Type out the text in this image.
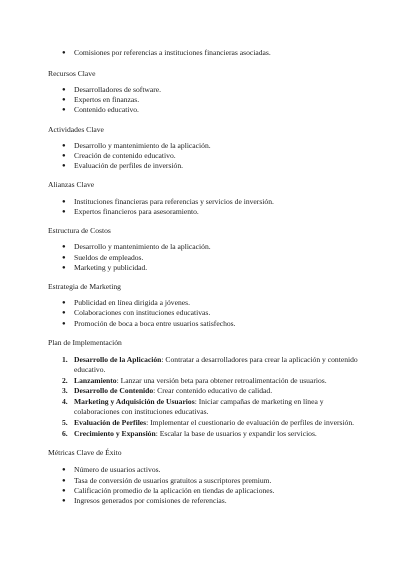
● Comisiones por referencias a instituciones financieras asociadas.
Recursos Clave
● Desarrolladores de software.
● Expertos en finanzas.
● Contenido educativo.
Actividades Clave
● Desarrollo y mantenimiento de la aplicación.
● Creación de contenido educativo.
● Evaluación de perfiles de inversión.
Alianzas Clave
● Instituciones financieras para referencias y servicios de inversión.
● Expertos financieros para asesoramiento.
Estructura de Costos
● Desarrollo y mantenimiento de la aplicación.
● Sueldos de empleados.
● Marketing y publicidad.
Estrategia de Marketing
● Publicidad en línea dirigida a jóvenes.
● Colaboraciones con instituciones educativas.
● Promoción de boca a boca entre usuarios satisfechos.
Plan de Implementación
1. Desarrollo de la Aplicación: Contratar a desarrolladores para crear la aplicación y contenido educativo.
2. Lanzamiento: Lanzar una versión beta para obtener retroalimentación de usuarios.
3. Desarrollo de Contenido: Crear contenido educativo de calidad.
4. Marketing y Adquisición de Usuarios: Iniciar campañas de marketing en línea y colaboraciones con instituciones educativas.
5. Evaluación de Perfiles: Implementar el cuestionario de evaluación de perfiles de inversión.
6. Crecimiento y Expansión: Escalar la base de usuarios y expandir los servicios.
Métricas Clave de Éxito
● Número de usuarios activos.
● Tasa de conversión de usuarios gratuitos a suscriptores premium.
● Calificación promedio de la aplicación en tiendas de aplicaciones.
● Ingresos generados por comisiones de referencias.
